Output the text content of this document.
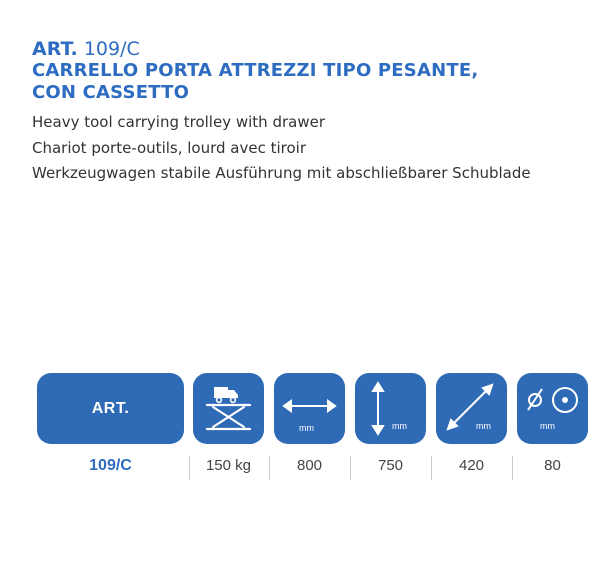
ART. 109/C
CARRELLO PORTA ATTREZZI TIPO PESANTE,
CON CASSETTO
Heavy tool carrying trolley with drawer
Chariot porte-outils, lourd avec tiroir
Werkzeugwagen stabile Ausführung mit abschließbarer Schublade
ART.
mm	mm	mm	mm
109/C	150 kg	800	750	420	80
